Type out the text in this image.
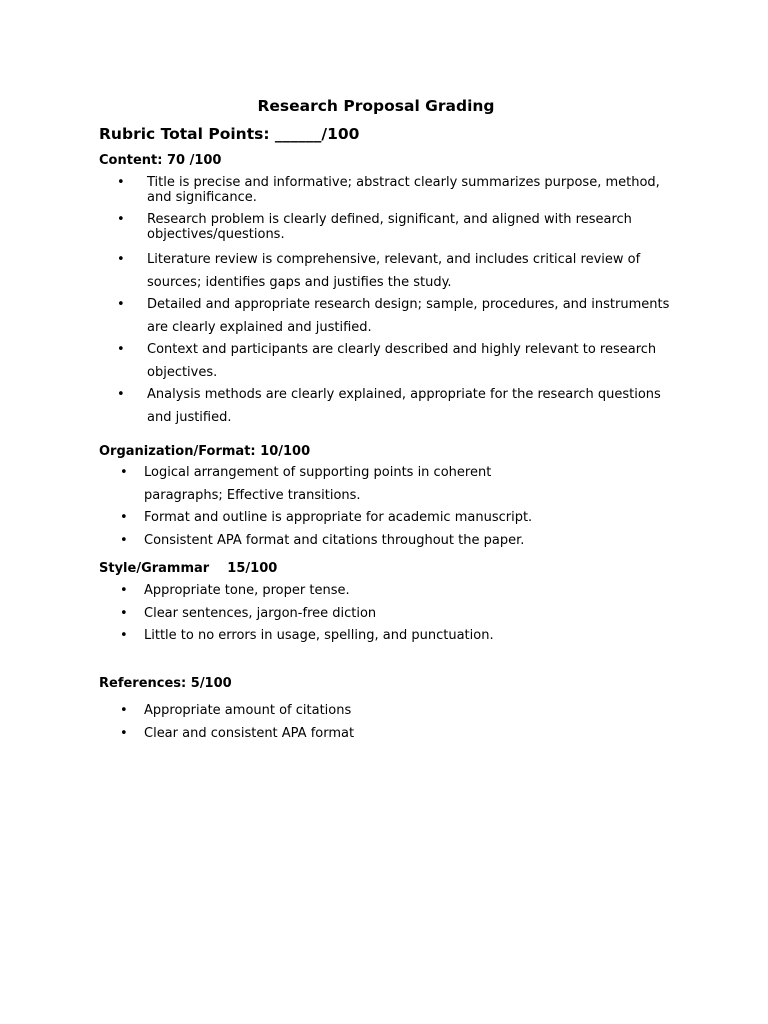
Research Proposal Grading
Rubric Total Points: ______/100
Content: 70 /100
• Title is precise and informative; abstract clearly summarizes purpose, method, and significance.
• Research problem is clearly defined, significant, and aligned with research objectives/questions.
• Literature review is comprehensive, relevant, and includes critical review of sources; identifies gaps and justifies the study.
• Detailed and appropriate research design; sample, procedures, and instruments are clearly explained and justified.
• Context and participants are clearly described and highly relevant to research objectives.
• Analysis methods are clearly explained, appropriate for the research questions and justified.
Organization/Format: 10/100
• Logical arrangement of supporting points in coherent paragraphs; Effective transitions.
• Format and outline is appropriate for academic manuscript.
• Consistent APA format and citations throughout the paper.
Style/Grammar    15/100
• Appropriate tone, proper tense.
• Clear sentences, jargon-free diction
• Little to no errors in usage, spelling, and punctuation.
References: 5/100
• Appropriate amount of citations
• Clear and consistent APA format
